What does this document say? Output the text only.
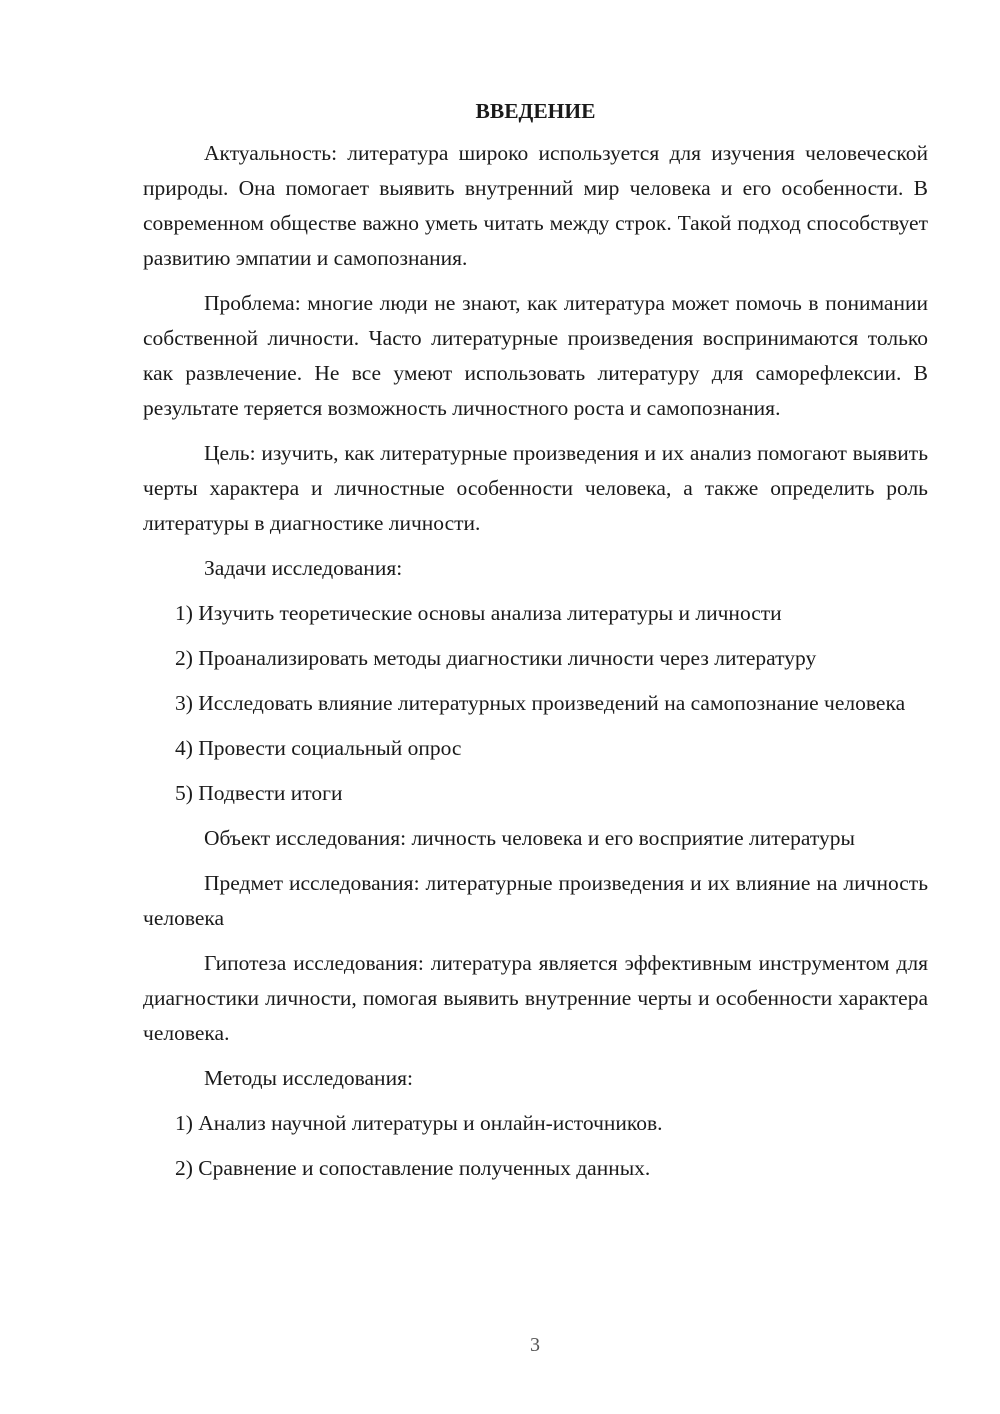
ВВЕДЕНИЕ
Актуальность: литература широко используется для изучения человеческой природы. Она помогает выявить внутренний мир человека и его особенности. В современном обществе важно уметь читать между строк. Такой подход способствует развитию эмпатии и самопознания.
Проблема: многие люди не знают, как литература может помочь в понимании собственной личности. Часто литературные произведения воспринимаются только как развлечение. Не все умеют использовать литературу для саморефлексии. В результате теряется возможность личностного роста и самопознания.
Цель: изучить, как литературные произведения и их анализ помогают выявить черты характера и личностные особенности человека, а также определить роль литературы в диагностике личности.
Задачи исследования:
1) Изучить теоретические основы анализа литературы и личности
2) Проанализировать методы диагностики личности через литературу
3) Исследовать влияние литературных произведений на самопознание человека
4) Провести социальный опрос
5) Подвести итоги
Объект исследования: личность человека и его восприятие литературы
Предмет исследования: литературные произведения и их влияние на личность человека
Гипотеза исследования: литература является эффективным инструментом для диагностики личности, помогая выявить внутренние черты и особенности характера человека.
Методы исследования:
1) Анализ научной литературы и онлайн-источников.
2) Сравнение и сопоставление полученных данных.
3
